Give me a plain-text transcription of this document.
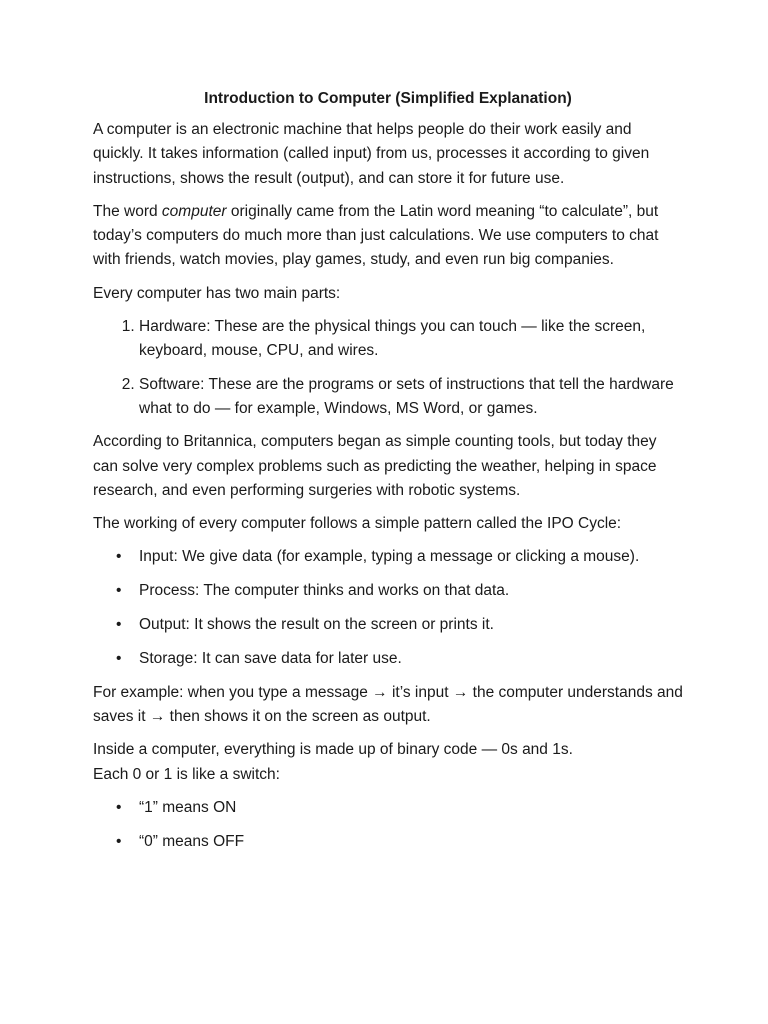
Introduction to Computer (Simplified Explanation)

A computer is an electronic machine that helps people do their work easily and quickly. It takes information (called input) from us, processes it according to given instructions, shows the result (output), and can store it for future use.

The word computer originally came from the Latin word meaning “to calculate”, but today’s computers do much more than just calculations. We use computers to chat with friends, watch movies, play games, study, and even run big companies.

Every computer has two main parts:

1. Hardware: These are the physical things you can touch — like the screen, keyboard, mouse, CPU, and wires.
2. Software: These are the programs or sets of instructions that tell the hardware what to do — for example, Windows, MS Word, or games.

According to Britannica, computers began as simple counting tools, but today they can solve very complex problems such as predicting the weather, helping in space research, and even performing surgeries with robotic systems.

The working of every computer follows a simple pattern called the IPO Cycle:

• Input: We give data (for example, typing a message or clicking a mouse).
• Process: The computer thinks and works on that data.
• Output: It shows the result on the screen or prints it.
• Storage: It can save data for later use.

For example: when you type a message → it’s input → the computer understands and saves it → then shows it on the screen as output.

Inside a computer, everything is made up of binary code — 0s and 1s.
Each 0 or 1 is like a switch:

• “1” means ON
• “0” means OFF
